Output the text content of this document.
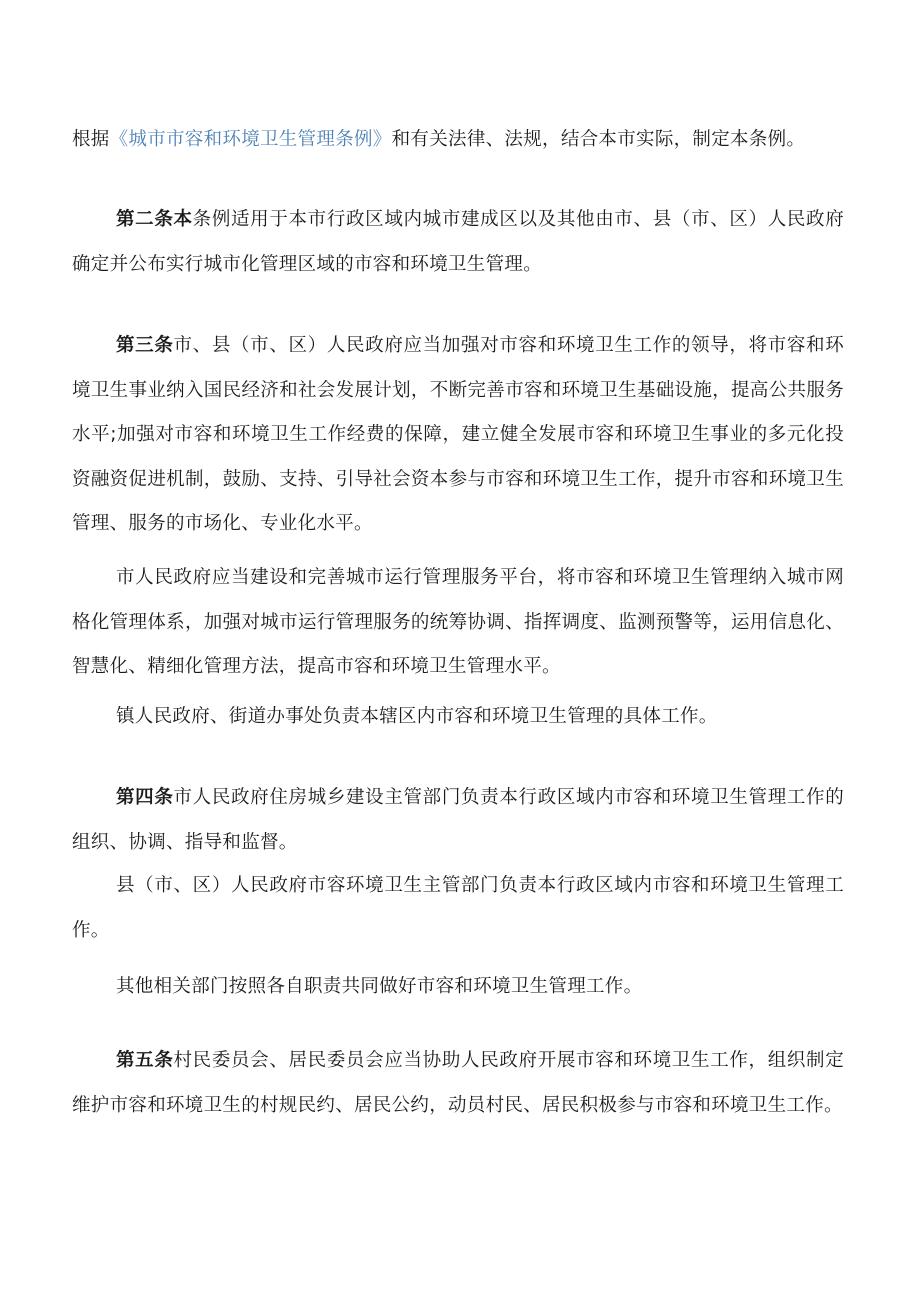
根据《城市市容和环境卫生管理条例》和有关法律、法规，结合本市实际，制定本条例。

第二条本条例适用于本市行政区域内城市建成区以及其他由市、县（市、区）人民政府确定并公布实行城市化管理区域的市容和环境卫生管理。

第三条市、县（市、区）人民政府应当加强对市容和环境卫生工作的领导，将市容和环境卫生事业纳入国民经济和社会发展计划，不断完善市容和环境卫生基础设施，提高公共服务水平;加强对市容和环境卫生工作经费的保障，建立健全发展市容和环境卫生事业的多元化投资融资促进机制，鼓励、支持、引导社会资本参与市容和环境卫生工作，提升市容和环境卫生管理、服务的市场化、专业化水平。

市人民政府应当建设和完善城市运行管理服务平台，将市容和环境卫生管理纳入城市网格化管理体系，加强对城市运行管理服务的统筹协调、指挥调度、监测预警等，运用信息化、智慧化、精细化管理方法，提高市容和环境卫生管理水平。

镇人民政府、街道办事处负责本辖区内市容和环境卫生管理的具体工作。

第四条市人民政府住房城乡建设主管部门负责本行政区域内市容和环境卫生管理工作的组织、协调、指导和监督。

县（市、区）人民政府市容环境卫生主管部门负责本行政区域内市容和环境卫生管理工作。

其他相关部门按照各自职责共同做好市容和环境卫生管理工作。

第五条村民委员会、居民委员会应当协助人民政府开展市容和环境卫生工作，组织制定维护市容和环境卫生的村规民约、居民公约，动员村民、居民积极参与市容和环境卫生工作。
